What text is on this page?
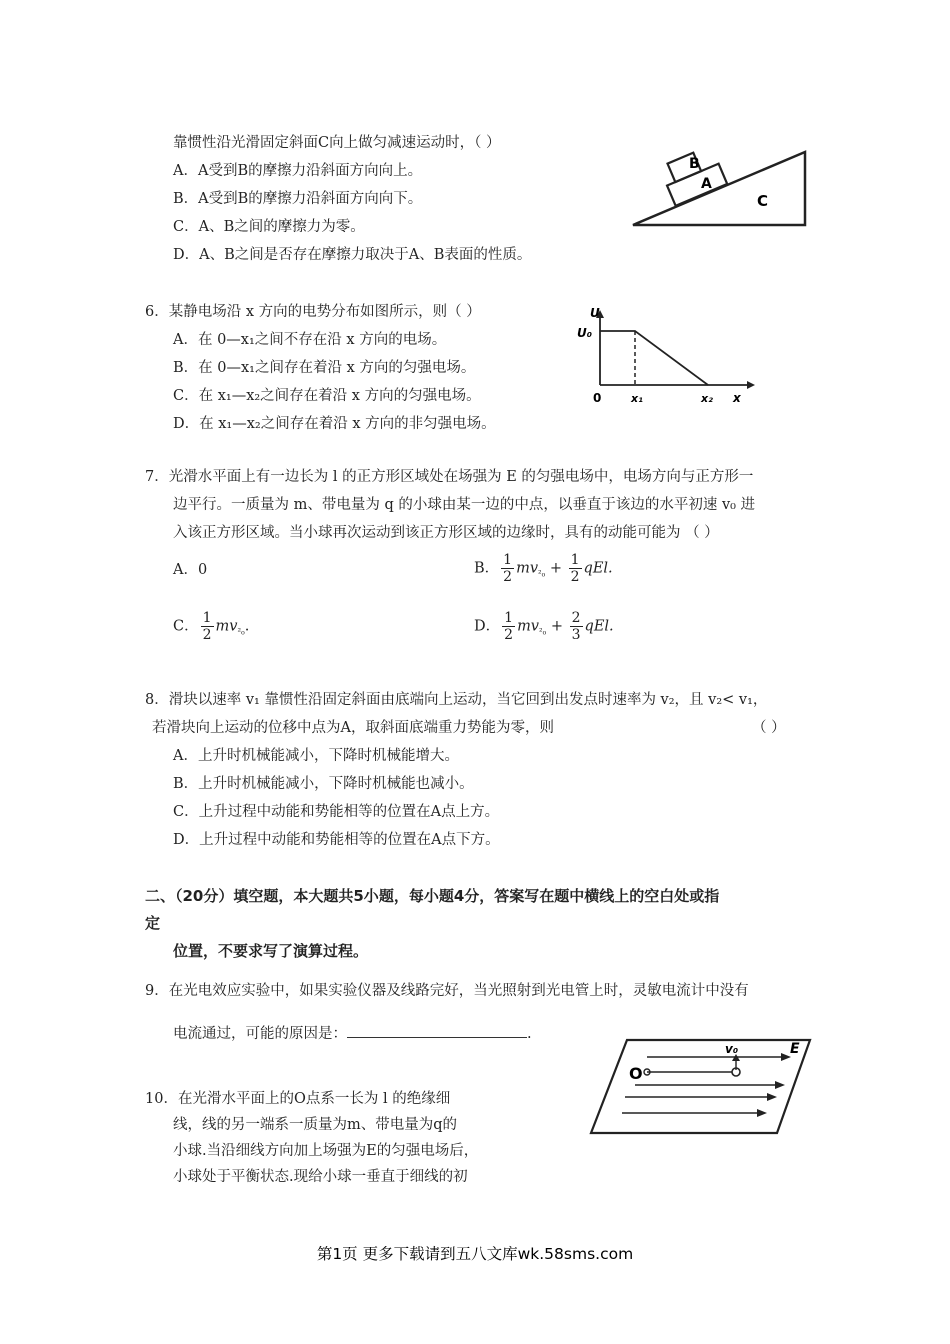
靠惯性沿光滑固定斜面C向上做匀减速运动时，（ ）
A．A受到B的摩擦力沿斜面方向向上。
B．A受到B的摩擦力沿斜面方向向下。
C．A、B之间的摩擦力为零。
D．A、B之间是否存在摩擦力取决于A、B表面的性质。
A
B
C
6．某静电场沿 x 方向的电势分布如图所示，则（ ）
A．在 0—x₁之间不存在沿 x 方向的电场。
B．在 0—x₁之间存在着沿 x 方向的匀强电场。
C．在 x₁—x₂之间存在着沿 x 方向的匀强电场。
D．在 x₁—x₂之间存在着沿 x 方向的非匀强电场。
U
U₀
0	x₁	x₂ x
7．光滑水平面上有一边长为 l 的正方形区域处在场强为 E 的匀强电场中，电场方向与正方形一
边平行。一质量为 m、带电量为 q 的小球由某一边的中点，以垂直于该边的水平初速 v₀ 进
入该正方形区域。当小球再次运动到该正方形区域的边缘时，具有的动能可能为 （ ）
A．0	B． $\frac{1}{2} mv_{^2_0} + \frac{1}{2}$ qEl.
C． $\frac{1}{2} mv_{^2_0}$.	D． $\frac{1}{2} mv_{^2_0} + \frac{2}{3}$ qEl.
8．滑块以速率 v₁ 靠惯性沿固定斜面由底端向上运动，当它回到出发点时速率为 v₂，且 v₂< v₁，
若滑块向上运动的位移中点为A，取斜面底端重力势能为零，则	（ ）
A．上升时机械能减小，下降时机械能增大。
B．上升时机械能减小，下降时机械能也减小。
C．上升过程中动能和势能相等的位置在A点上方。
D．上升过程中动能和势能相等的位置在A点下方。
二、（20分）填空题，本大题共5小题，每小题4分，答案写在题中横线上的空白处或指
定
位置，不要求写了演算过程。
9．在光电效应实验中，如果实验仪器及线路完好，当光照射到光电管上时，灵敏电流计中没有
电流通过，可能的原因是：	.
10．在光滑水平面上的O点系一长为 l 的绝缘细
线，线的另一端系一质量为m、带电量为q的
小球.当沿细线方向加上场强为E的匀强电场后，
小球处于平衡状态.现给小球一垂直于细线的初
O
v₀	E
第1页 更多下载请到五八文库wk.58sms.com
